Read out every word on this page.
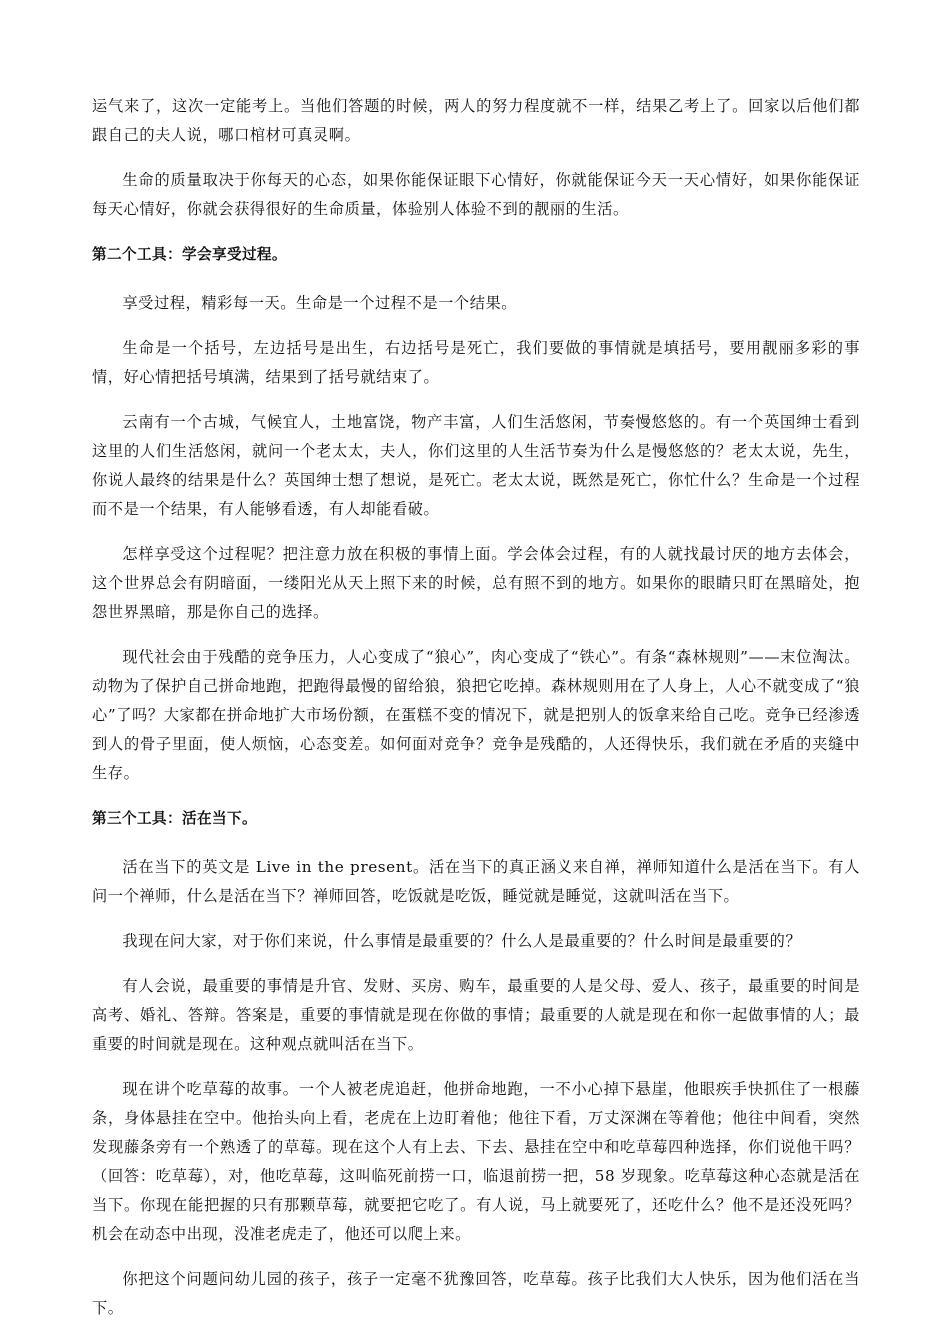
运气来了，这次一定能考上。当他们答题的时候，两人的努力程度就不一样，结果乙考上了。回家以后他们都跟自己的夫人说，哪口棺材可真灵啊。

生命的质量取决于你每天的心态，如果你能保证眼下心情好，你就能保证今天一天心情好，如果你能保证每天心情好，你就会获得很好的生命质量，体验别人体验不到的靓丽的生活。

第二个工具：学会享受过程。

享受过程，精彩每一天。生命是一个过程不是一个结果。

生命是一个括号，左边括号是出生，右边括号是死亡，我们要做的事情就是填括号，要用靓丽多彩的事情，好心情把括号填满，结果到了括号就结束了。

云南有一个古城，气候宜人，土地富饶，物产丰富，人们生活悠闲，节奏慢悠悠的。有一个英国绅士看到这里的人们生活悠闲，就问一个老太太，夫人，你们这里的人生活节奏为什么是慢悠悠的？老太太说，先生，你说人最终的结果是什么？英国绅士想了想说，是死亡。老太太说，既然是死亡，你忙什么？生命是一个过程而不是一个结果，有人能够看透，有人却能看破。

怎样享受这个过程呢？把注意力放在积极的事情上面。学会体会过程，有的人就找最讨厌的地方去体会，这个世界总会有阴暗面，一缕阳光从天上照下来的时候，总有照不到的地方。如果你的眼睛只盯在黑暗处，抱怨世界黑暗，那是你自己的选择。

现代社会由于残酷的竞争压力，人心变成了“狼心”，肉心变成了“铁心”。有条“森林规则”——末位淘汰。动物为了保护自己拼命地跑，把跑得最慢的留给狼，狼把它吃掉。森林规则用在了人身上，人心不就变成了“狼心”了吗？大家都在拼命地扩大市场份额，在蛋糕不变的情况下，就是把别人的饭拿来给自己吃。竞争已经渗透到人的骨子里面，使人烦恼，心态变差。如何面对竞争？竞争是残酷的，人还得快乐，我们就在矛盾的夹缝中生存。

第三个工具：活在当下。

活在当下的英文是 Live in the present。活在当下的真正涵义来自禅，禅师知道什么是活在当下。有人问一个禅师，什么是活在当下？禅师回答，吃饭就是吃饭，睡觉就是睡觉，这就叫活在当下。

我现在问大家，对于你们来说，什么事情是最重要的？什么人是最重要的？什么时间是最重要的？

有人会说，最重要的事情是升官、发财、买房、购车，最重要的人是父母、爱人、孩子，最重要的时间是高考、婚礼、答辩。答案是，重要的事情就是现在你做的事情；最重要的人就是现在和你一起做事情的人；最重要的时间就是现在。这种观点就叫活在当下。

现在讲个吃草莓的故事。一个人被老虎追赶，他拼命地跑，一不小心掉下悬崖，他眼疾手快抓住了一根藤条，身体悬挂在空中。他抬头向上看，老虎在上边盯着他；他往下看，万丈深渊在等着他；他往中间看，突然发现藤条旁有一个熟透了的草莓。现在这个人有上去、下去、悬挂在空中和吃草莓四种选择，你们说他干吗？（回答：吃草莓），对，他吃草莓，这叫临死前捞一口，临退前捞一把，58 岁现象。吃草莓这种心态就是活在当下。你现在能把握的只有那颗草莓，就要把它吃了。有人说，马上就要死了，还吃什么？他不是还没死吗？机会在动态中出现，没准老虎走了，他还可以爬上来。

你把这个问题问幼儿园的孩子，孩子一定毫不犹豫回答，吃草莓。孩子比我们大人快乐，因为他们活在当下。
